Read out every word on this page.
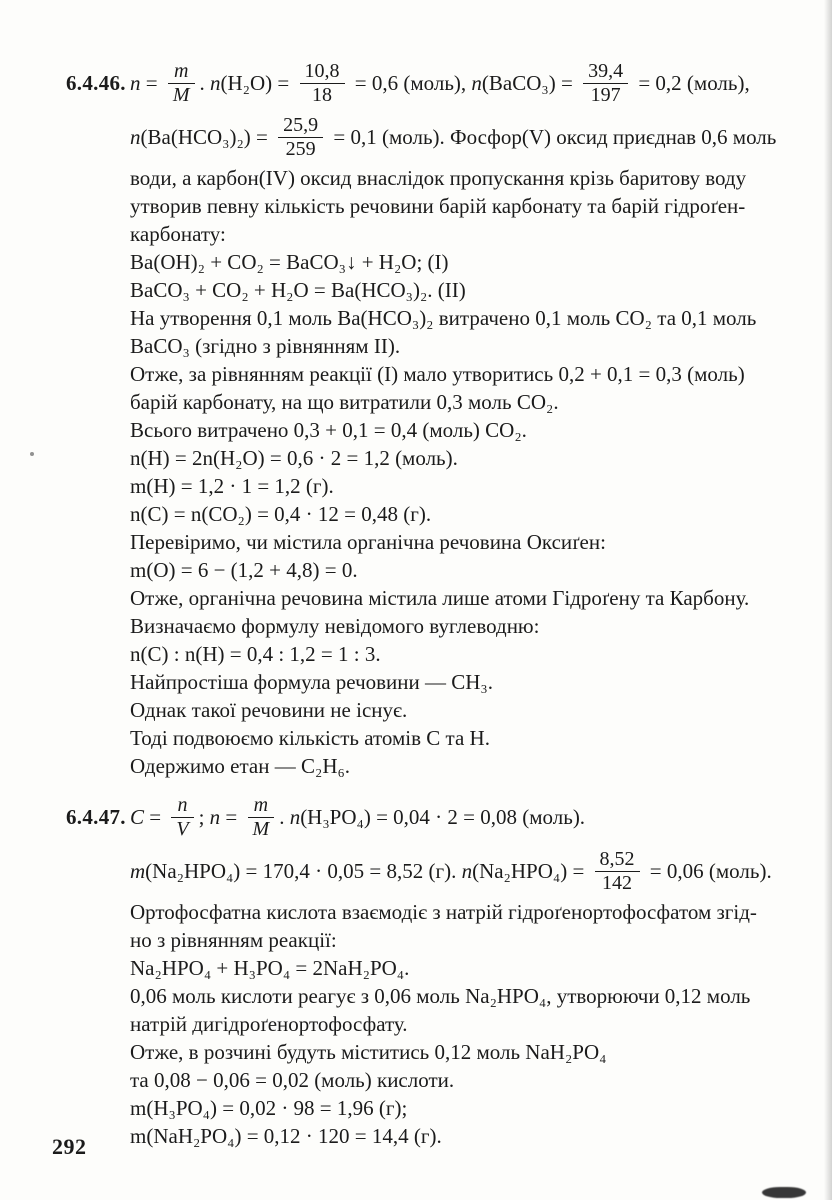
6.4.46. $n = \frac{m}{M}$ . $n(H_2O) = \frac{10,8}{18} = 0,6$ (моль), n(BaCO₃) = $\frac{39,4}{197} = 0,2$ (моль),
$n(Ba(HCO_3)_2) = \frac{25,9}{259} = 0,1$ (моль). Фосфор(V) оксид приєднав 0,6 моль
води, а карбон(IV) оксид внаслідок пропускання крізь баритову воду
утворив певну кількість речовини барій карбонату та барій гідроґен-
карбонату:
Ba(OH)₂ + CO₂ = BaCO₃↓ + H₂O; (I)
BaCO₃ + CO₂ + H₂O = Ba(HCO₃)₂. (II)
На утворення 0,1 моль Ba(HCO₃)₂ витрачено 0,1 моль CO₂ та 0,1 моль
BaCO₃ (згідно з рівнянням II).
Отже, за рівнянням реакції (I) мало утворитись 0,2 + 0,1 = 0,3 (моль)
барій карбонату, на що витратили 0,3 моль CO₂.
Всього витрачено 0,3 + 0,1 = 0,4 (моль) CO₂.
n(H) = 2n(H₂O) = 0,6 · 2 = 1,2 (моль).
m(H) = 1,2 · 1 = 1,2 (г).
n(C) = n(CO₂) = 0,4 · 12 = 0,48 (г).
Перевіримо, чи містила органічна речовина Оксиґен:
m(O) = 6 − (1,2 + 4,8) = 0.
Отже, органічна речовина містила лише атоми Гідроґену та Карбону.
Визначаємо формулу невідомого вуглеводню:
n(C) : n(H) = 0,4 : 1,2 = 1 : 3.
Найпростіша формула речовини — CH₃.
Однак такої речовини не існує.
Тоді подвоюємо кількість атомів C та H.
Одержимо етан — C₂H₆.
6.4.47. $C = \frac{n}{V}$ ; $n = \frac{m}{M}$ . n(H₃PO₄) = 0,04 · 2 = 0,08 (моль).
m(Na₂HPO₄) = 170,4 · 0,05 = 8,52 (г). $n(Na_2HPO_4) = \frac{8,52}{142} = 0,06$ (моль).
Ортофосфатна кислота взаємодіє з натрій гідроґенортофосфатом згід-
но з рівнянням реакції:
Na₂HPO₄ + H₃PO₄ = 2NaH₂PO₄.
0,06 моль кислоти реагує з 0,06 моль Na₂HPO₄, утворюючи 0,12 моль
натрій дигідроґенортофосфату.
Отже, в розчині будуть міститись 0,12 моль NaH₂PO₄
та 0,08 − 0,06 = 0,02 (моль) кислоти.
m(H₃PO₄) = 0,02 · 98 = 1,96 (г);
m(NaH₂PO₄) = 0,12 · 120 = 14,4 (г).
292
